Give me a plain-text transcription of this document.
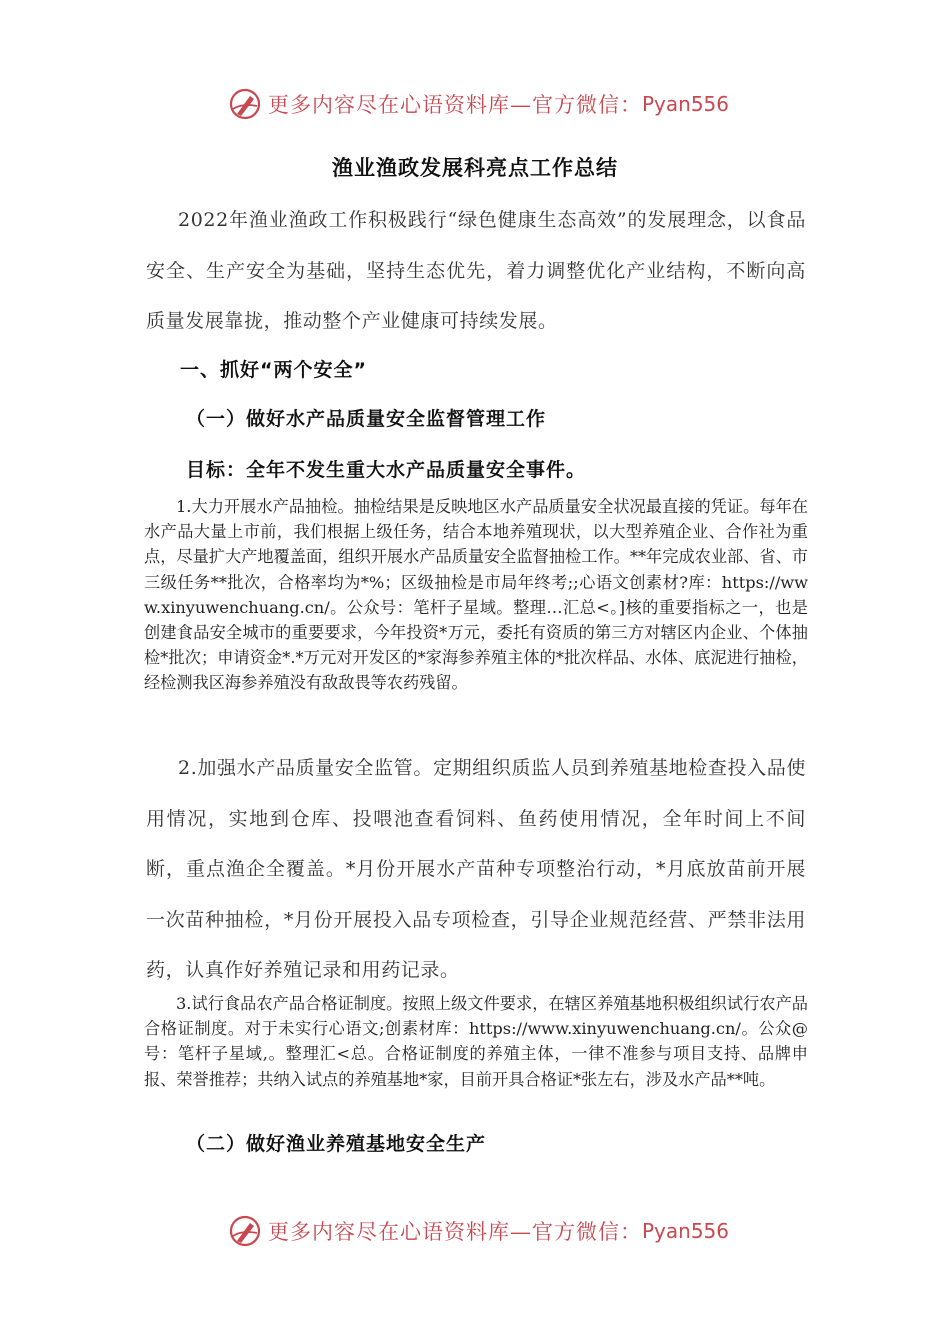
更多内容尽在心语资料库—官方微信： Pyan556
渔业渔政发展科亮点工作总结

2022年渔业渔政工作积极践行“绿色健康生态高效”的发展理念，以食品安全、生产安全为基础，坚持生态优先，着力调整优化产业结构，不断向高质量发展靠拢，推动整个产业健康可持续发展。

一、抓好“两个安全”

（一）做好水产品质量安全监督管理工作

目标：全年不发生重大水产品质量安全事件。

1.大力开展水产品抽检。抽检结果是反映地区水产品质量安全状况最直接的凭证。每年在水产品大量上市前，我们根据上级任务，结合本地养殖现状，以大型养殖企业、合作社为重点，尽量扩大产地覆盖面，组织开展水产品质量安全监督抽检工作。**年完成农业部、省、市三级任务**批次，合格率均为*%；区级抽检是市局年终考;;心语文创素材?库：https://www.xinyuwenchuang.cn/。公众号：笔杆子星域。整理…汇总<。]核的重要指标之一，也是创建食品安全城市的重要要求，今年投资*万元，委托有资质的第三方对辖区内企业、个体抽检*批次；申请资金*.*万元对开发区的*家海参养殖主体的*批次样品、水体、底泥进行抽检，经检测我区海参养殖没有敌敌畏等农药残留。

2.加强水产品质量安全监管。定期组织质监人员到养殖基地检查投入品使用情况，实地到仓库、投喂池查看饲料、鱼药使用情况，全年时间上不间断，重点渔企全覆盖。*月份开展水产苗种专项整治行动，*月底放苗前开展一次苗种抽检，*月份开展投入品专项检查，引导企业规范经营、严禁非法用药，认真作好养殖记录和用药记录。

3.试行食品农产品合格证制度。按照上级文件要求，在辖区养殖基地积极组织试行农产品合格证制度。对于未实行心语文;创素材库：https://www.xinyuwenchuang.cn/。公众@号：笔杆子星域,。整理汇<总。合格证制度的养殖主体，一律不准参与项目支持、品牌申报、荣誉推荐；共纳入试点的养殖基地*家，目前开具合格证*张左右，涉及水产品**吨。

（二）做好渔业养殖基地安全生产

更多内容尽在心语资料库—官方微信： Pyan556
